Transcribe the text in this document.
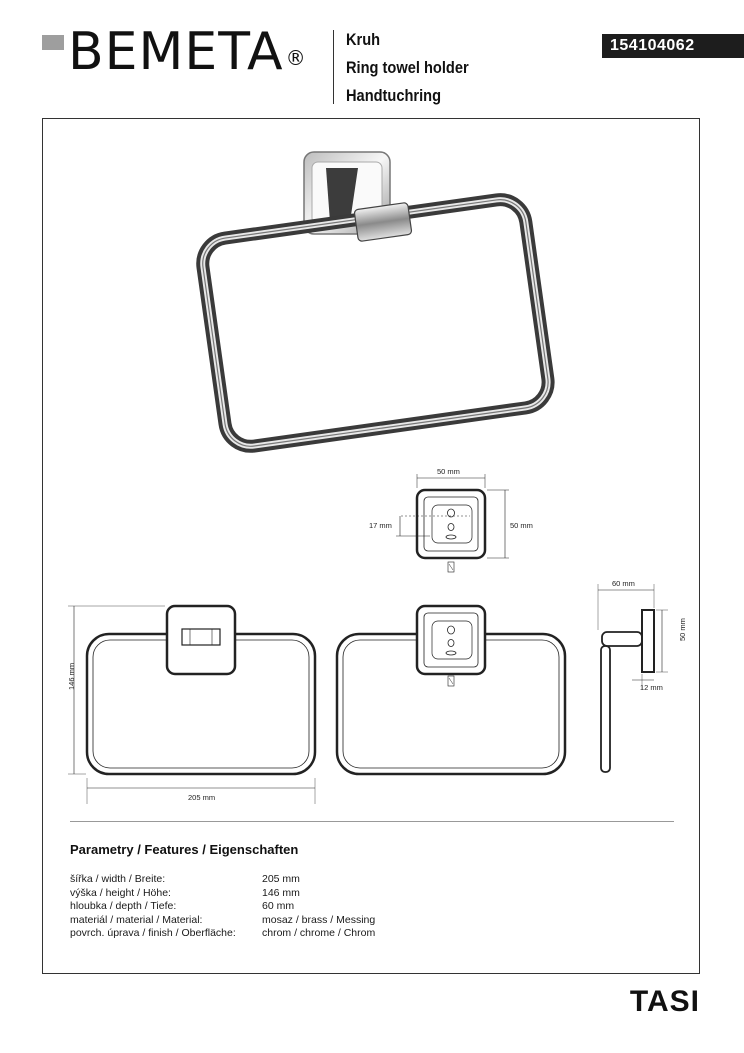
BEMETA ®
Kruh
Ring towel holder
Handtuchring
154104062
50 mm
50 mm
17 mm
146 mm
205 mm
60 mm
50 mm
12 mm
Parametry / Features / Eigenschaften
šířka / width / Breite:	205 mm
výška / height / Höhe:	146 mm
hloubka / depth / Tiefe:	60 mm
materiál / material / Material:	mosaz / brass / Messing
povrch. úprava / finish / Oberfläche:	chrom / chrome / Chrom
TASI
